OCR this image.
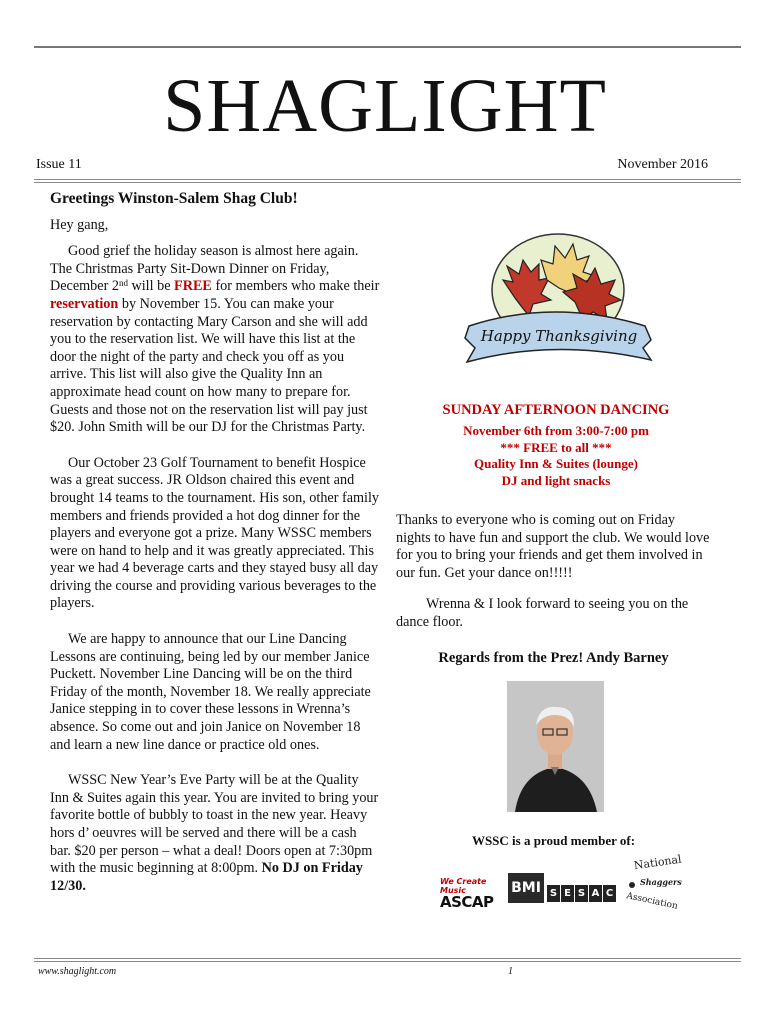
SHAGLIGHT
Issue 11	November 2016
Greetings Winston-Salem Shag Club!
Hey gang,

Good grief the holiday season is almost here again. The Christmas Party Sit-Down Dinner on Friday, December 2nd will be FREE for members who make their reservation by November 15. You can make your reservation by contacting Mary Carson and she will add you to the reservation list. We will have this list at the door the night of the party and check you off as you arrive. This list will also give the Quality Inn an approximate head count on how many to prepare for. Guests and those not on the reservation list will pay just $20. John Smith will be our DJ for the Christmas Party.

Our October 23 Golf Tournament to benefit Hospice was a great success. JR Oldson chaired this event and brought 14 teams to the tournament. His son, other family members and friends provided a hot dog dinner for the players and everyone got a prize. Many WSSC members were on hand to help and it was greatly appreciated. This year we had 4 beverage carts and they stayed busy all day driving the course and providing various beverages to the players.

We are happy to announce that our Line Dancing Lessons are continuing, being led by our member Janice Puckett. November Line Dancing will be on the third Friday of the month, November 18. We really appreciate Janice stepping in to cover these lessons in Wrenna’s absence. So come out and join Janice on November 18 and learn a new line dance or practice old ones.

WSSC New Year’s Eve Party will be at the Quality Inn & Suites again this year. You are invited to bring your favorite bottle of bubbly to toast in the new year. Heavy hors d’ oeuvres will be served and there will be a cash bar. $20 per person – what a deal! Doors open at 7:30pm with the music beginning at 8:00pm. No DJ on Friday 12/30.

Happy Thanksgiving
SUNDAY AFTERNOON DANCING
November 6th from 3:00-7:00 pm
*** FREE to all ***
Quality Inn & Suites (lounge)
DJ and light snacks

Thanks to everyone who is coming out on Friday nights to have fun and support the club. We would love for you to bring your friends and get them involved in our fun. Get your dance on!!!!!

Wrenna & I look forward to seeing you on the dance floor.

Regards from the Prez! Andy Barney
WSSC is a proud member of:
We Create Music
ASCAP
BMI S E S A C
National
Shaggers
Association
www.shaglight.com	1
